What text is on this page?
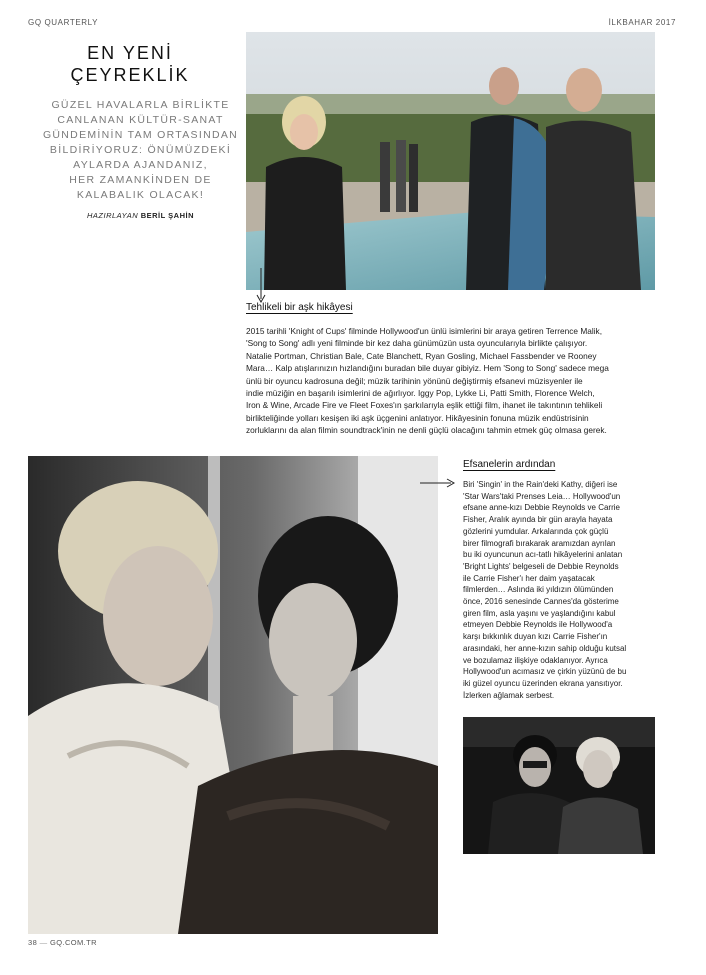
GQ QUARTERLY	İLKBAHAR 2017
EN YENİ
ÇEYREKLİK
GÜZEL HAVALARLA BİRLİKTE
CANLANAN KÜLTÜR-SANAT
GÜNDEMİNİN TAM ORTASINDAN
BİLDİRİYORUZ: ÖNÜMÜZDEKİ
AYLARDA AJANDANIZ,
HER ZAMANKİNDEN DE
KALABALIK OLACAK!
HAZIRLAYAN BERİL ŞAHİN
Tehlikeli bir aşk hikâyesi
2015 tarihli 'Knight of Cups' filminde Hollywood'un ünlü isimlerini bir araya getiren Terrence Malik,
'Song to Song' adlı yeni filminde bir kez daha günümüzün usta oyuncularıyla birlikte çalışıyor.
Natalie Portman, Christian Bale, Cate Blanchett, Ryan Gosling, Michael Fassbender ve Rooney
Mara… Kalp atışlarınızın hızlandığını buradan bile duyar gibiyiz. Hem 'Song to Song' sadece mega
ünlü bir oyuncu kadrosuna değil; müzik tarihinin yönünü değiştirmiş efsanevi müzisyenler ile
indie müziğin en başarılı isimlerini de ağırlıyor. Iggy Pop, Lykke Li, Patti Smith, Florence Welch,
Iron & Wine, Arcade Fire ve Fleet Foxes'ın şarkılarıyla eşlik ettiği film, ihanet ile takıntının tehlikeli
birlikteliğinde yolları kesişen iki aşk üçgenini anlatıyor. Hikâyesinin fonuna müzik endüstrisinin
zorluklarını da alan filmin soundtrack'inin ne denli güçlü olacağını tahmin etmek güç olmasa gerek.
Efsanelerin ardından
Biri 'Singin' in the Rain'deki Kathy, diğeri ise
'Star Wars'taki Prenses Leia… Hollywood'un
efsane anne-kızı Debbie Reynolds ve Carrie
Fisher, Aralık ayında bir gün arayla hayata
gözlerini yumdular. Arkalarında çok güçlü
birer filmografi bırakarak aramızdan ayrılan
bu iki oyuncunun acı-tatlı hikâyelerini anlatan
'Bright Lights' belgeseli de Debbie Reynolds
ile Carrie Fisher'ı her daim yaşatacak
filmlerden… Aslında iki yıldızın ölümünden
önce, 2016 senesinde Cannes'da gösterime
giren film, asla yaşını ve yaşlandığını kabul
etmeyen Debbie Reynolds ile Hollywood'a
karşı bıkkınlık duyan kızı Carrie Fisher'ın
arasındaki, her anne-kızın sahip olduğu kutsal
ve bozulamaz ilişkiye odaklanıyor. Ayrıca
Hollywood'un acımasız ve çirkin yüzünü de bu
iki güzel oyuncu üzerinden ekrana yansıtıyor.
İzlerken ağlamak serbest.
38 — GQ.COM.TR
